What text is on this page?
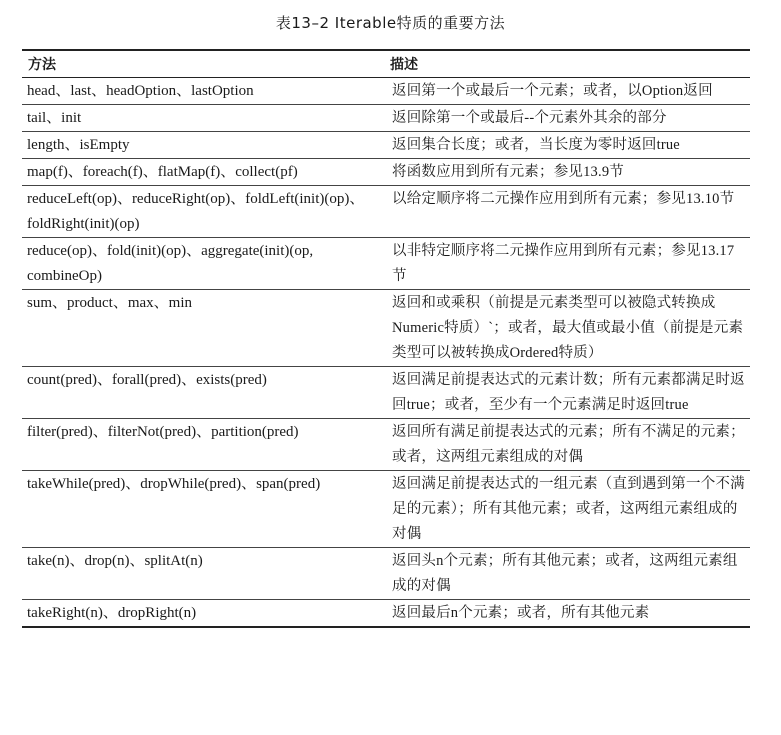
表13–2 Iterable特质的重要方法
方法	描述
head、last、headOption、lastOption	返回第一个或最后一个元素；或者，以Option返回
tail、init	返回除第一个或最后--个元素外其余的部分
length、isEmpty	返回集合长度；或者，当长度为零时返回true
map(f)、foreach(f)、flatMap(f)、collect(pf)	将函数应用到所有元素；参见13.9节
reduceLeft(op)、reduceRight(op)、foldLeft(init)(op)、foldRight(init)(op)	以给定顺序将二元操作应用到所有元素；参见13.10节
reduce(op)、fold(init)(op)、aggregate(init)(op, combineOp)	以非特定顺序将二元操作应用到所有元素；参见13.17节
sum、product、max、min	返回和或乘积（前提是元素类型可以被隐式转换成Numeric特质）`；或者，最大值或最小值（前提是元素类型可以被转换成Ordered特质）
count(pred)、forall(pred)、exists(pred)	返回满足前提表达式的元素计数；所有元素都满足时返回true；或者，至少有一个元素满足时返回true
filter(pred)、filterNot(pred)、partition(pred)	返回所有满足前提表达式的元素；所有不满足的元素；或者，这两组元素组成的对偶
takeWhile(pred)、dropWhile(pred)、span(pred)	返回满足前提表达式的一组元素（直到遇到第一个不满足的元素）；所有其他元素；或者，这两组元素组成的对偶
take(n)、drop(n)、splitAt(n)	返回头n个元素；所有其他元素；或者，这两组元素组成的对偶
takeRight(n)、dropRight(n)	返回最后n个元素；或者，所有其他元素
